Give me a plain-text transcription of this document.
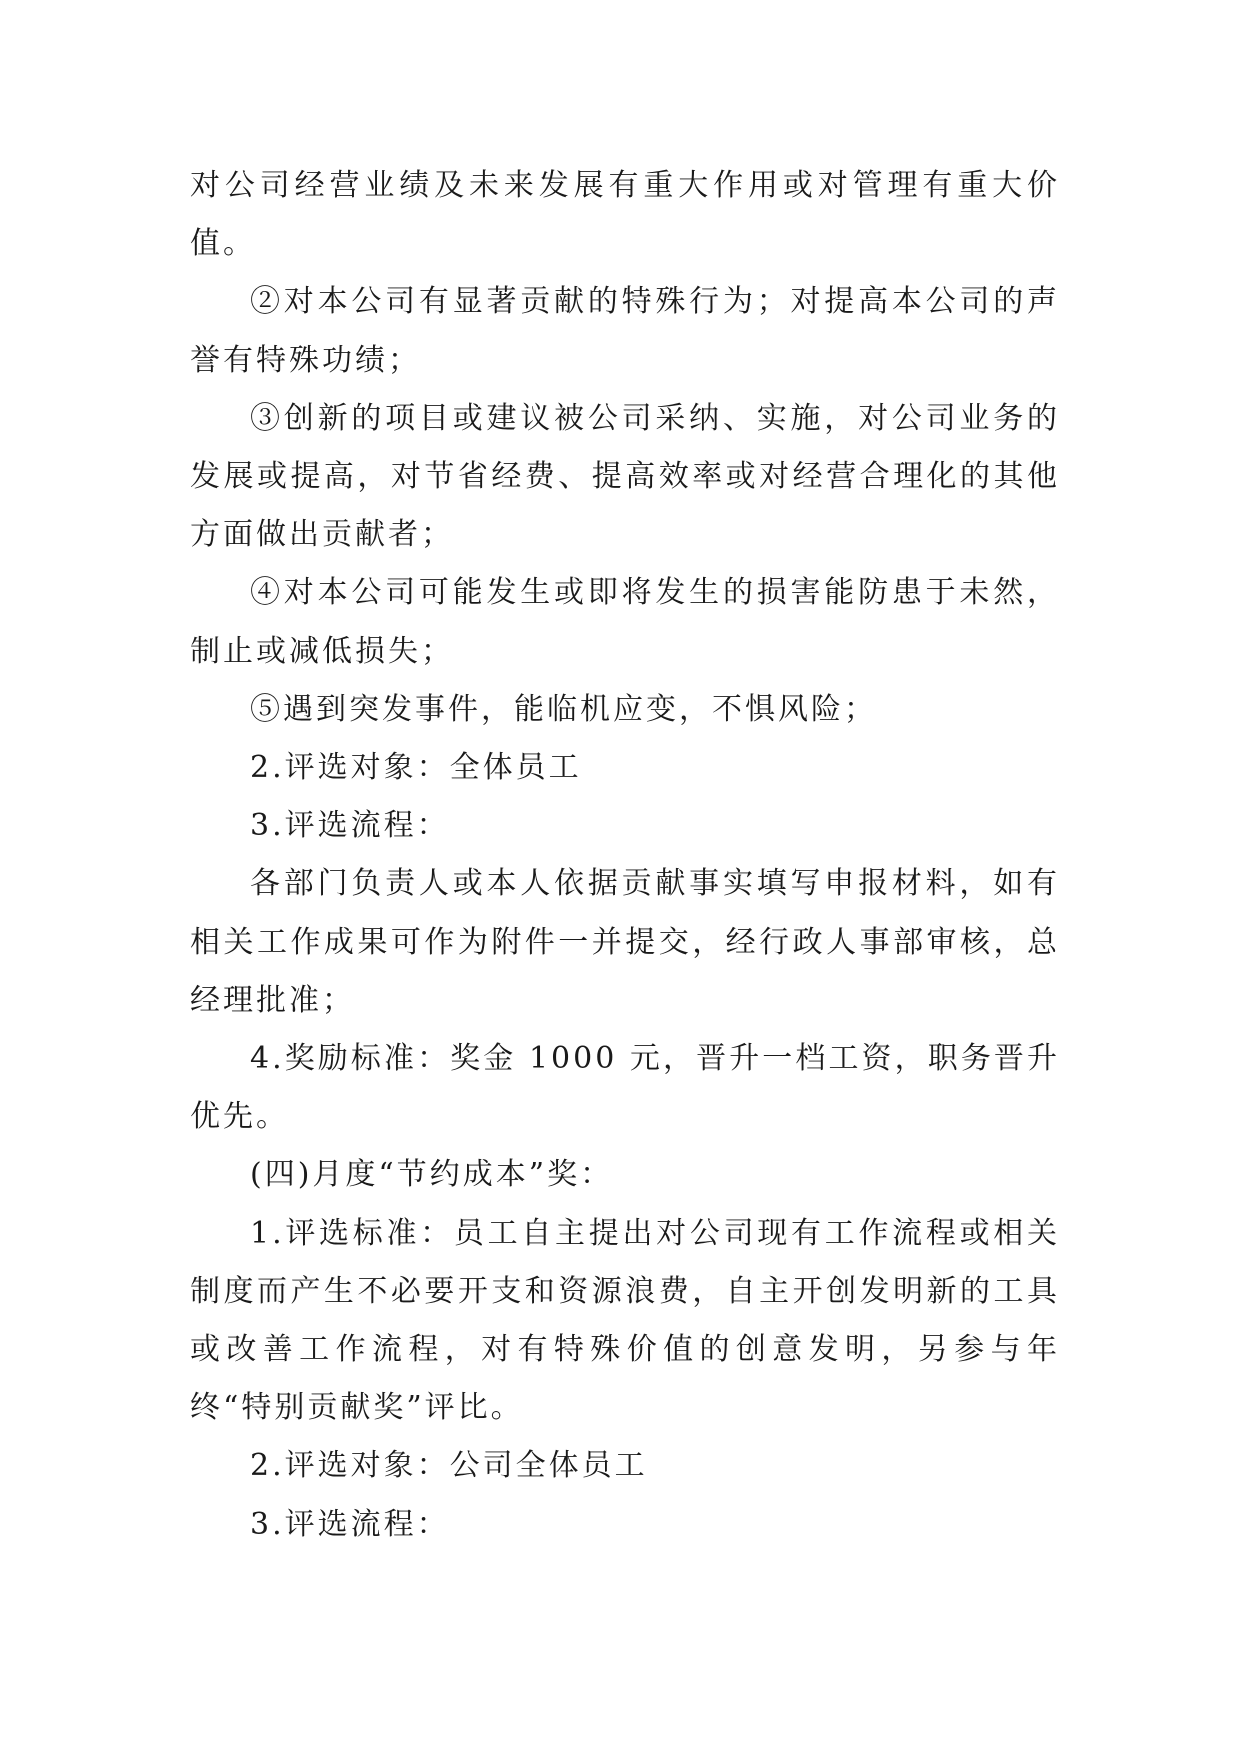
对公司经营业绩及未来发展有重大作用或对管理有重大价值。

②对本公司有显著贡献的特殊行为；对提高本公司的声誉有特殊功绩；

③创新的项目或建议被公司采纳、实施，对公司业务的发展或提高，对节省经费、提高效率或对经营合理化的其他方面做出贡献者；

④对本公司可能发生或即将发生的损害能防患于未然，制止或减低损失；

⑤遇到突发事件，能临机应变，不惧风险；

2.评选对象：全体员工

3.评选流程：

各部门负责人或本人依据贡献事实填写申报材料，如有相关工作成果可作为附件一并提交，经行政人事部审核，总经理批准；

4.奖励标准：奖金 1000 元，晋升一档工资，职务晋升优先。

(四)月度“节约成本”奖：

1.评选标准：员工自主提出对公司现有工作流程或相关制度而产生不必要开支和资源浪费，自主开创发明新的工具或改善工作流程，对有特殊价值的创意发明，另参与年终“特别贡献奖”评比。

2.评选对象：公司全体员工

3.评选流程：
